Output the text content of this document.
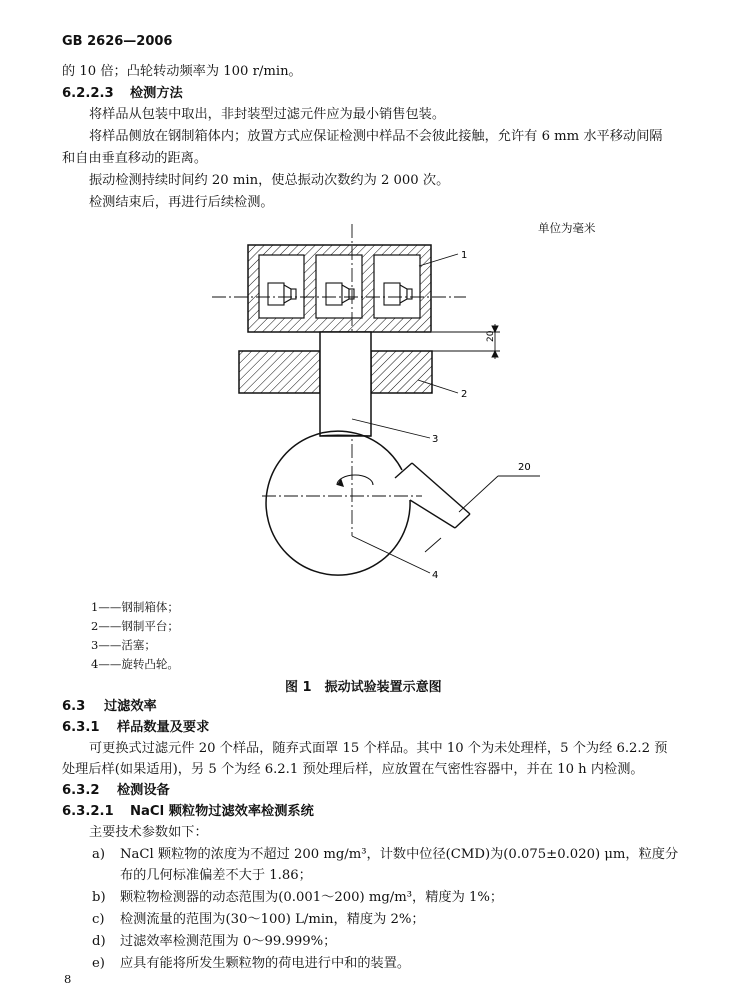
GB 2626—2006
的 10 倍；凸轮转动频率为 100 r/min。
6.2.2.3 检测方法
将样品从包装中取出，非封装型过滤元件应为最小销售包装。
将样品侧放在钢制箱体内；放置方式应保证检测中样品不会彼此接触，允许有 6 mm 水平移动间隔
和自由垂直移动的距离。
振动检测持续时间约 20 min，使总振动次数约为 2 000 次。
检测结束后，再进行后续检测。
单位为毫米
20
20
1
2
3
4
1——钢制箱体；
2——钢制平台；
3——活塞；
4——旋转凸轮。
图 1　振动试验装置示意图
6.3 过滤效率
6.3.1 样品数量及要求
可更换式过滤元件 20 个样品，随弃式面罩 15 个样品。其中 10 个为未处理样，5 个为经 6.2.2 预
处理后样(如果适用)，另 5 个为经 6.2.1 预处理后样，应放置在气密性容器中，并在 10 h 内检测。
6.3.2 检测设备
6.3.2.1 NaCl 颗粒物过滤效率检测系统
主要技术参数如下：
a) NaCl 颗粒物的浓度为不超过 200 mg/m³，计数中位径(CMD)为(0.075±0.020) μm，粒度分
布的几何标准偏差不大于 1.86；
b) 颗粒物检测器的动态范围为(0.001～200) mg/m³，精度为 1%；
c) 检测流量的范围为(30～100) L/min，精度为 2%；
d) 过滤效率检测范围为 0～99.999%；
e) 应具有能将所发生颗粒物的荷电进行中和的装置。
8
